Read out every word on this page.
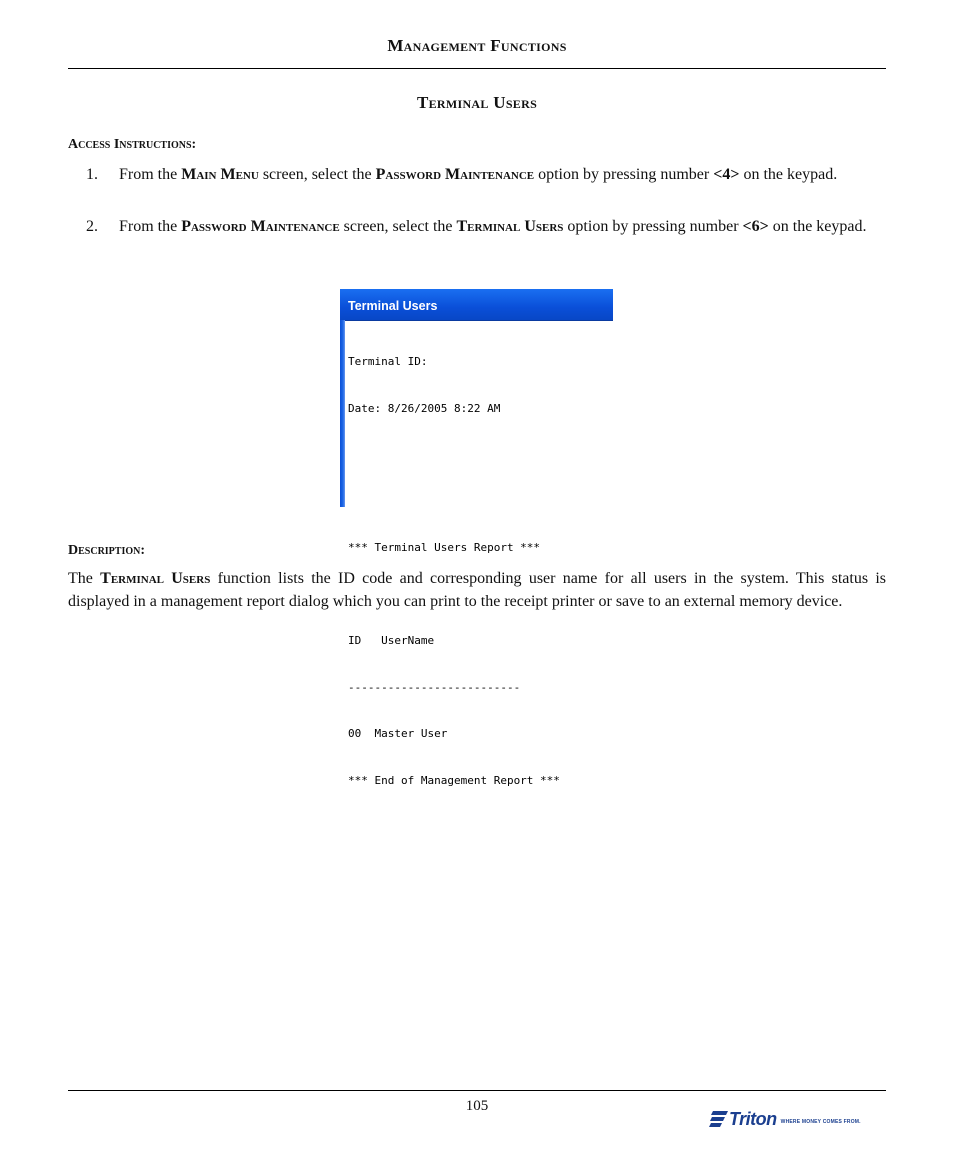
Management Functions
Terminal Users
Access Instructions:
1. From the Main Menu screen, select the Password Maintenance option by pressing number <4> on the keypad.
2. From the Password Maintenance screen, select the Terminal Users option by pressing number <6> on the keypad.
Terminal Users

Terminal ID:

Date: 8/26/2005 8:22 AM

*** Terminal Users Report ***

ID   UserName

--------------------------

00  Master User

*** End of Management Report ***

Description:
The Terminal Users function lists the ID code and corresponding user name for all users in the system. This status is displayed in a management report dialog which you can print to the receipt printer or save to an external memory device.
105
Triton WHERE MONEY COMES FROM.
